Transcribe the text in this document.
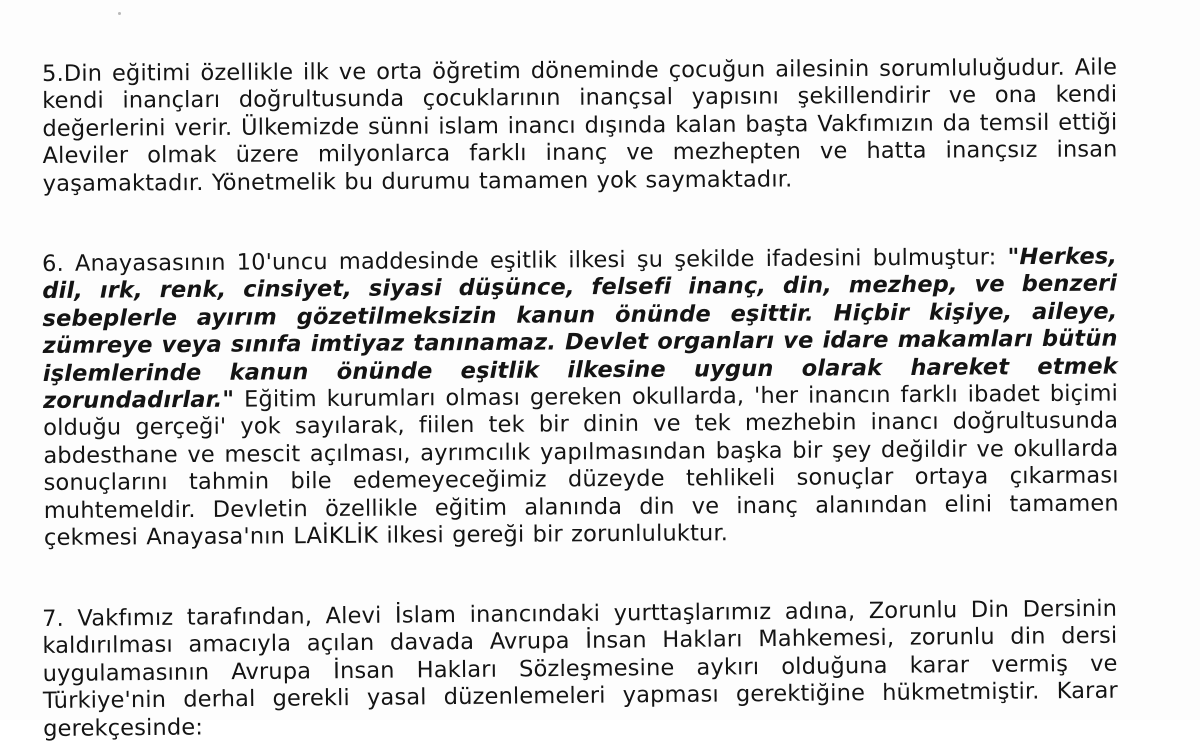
5.Din eğitimi özellikle ilk ve orta öğretim döneminde çocuğun ailesinin sorumluluğudur. Aile kendi inançları doğrultusunda çocuklarının inançsal yapısını şekillendirir ve ona kendi değerlerini verir. Ülkemizde sünni islam inancı dışında kalan başta Vakfımızın da temsil ettiği Aleviler olmak üzere milyonlarca farklı inanç ve mezhepten ve hatta inançsız insan yaşamaktadır. Yönetmelik bu durumu tamamen yok saymaktadır.

6. Anayasasının 10'uncu maddesinde eşitlik ilkesi şu şekilde ifadesini bulmuştur: "Herkes, dil, ırk, renk, cinsiyet, siyasi düşünce, felsefi inanç, din, mezhep, ve benzeri sebeplerle ayırım gözetilmeksizin kanun önünde eşittir. Hiçbir kişiye, aileye, zümreye veya sınıfa imtiyaz tanınamaz. Devlet organları ve idare makamları bütün işlemlerinde kanun önünde eşitlik ilkesine uygun olarak hareket etmek zorundadırlar." Eğitim kurumları olması gereken okullarda, 'her inancın farklı ibadet biçimi olduğu gerçeği' yok sayılarak, fiilen tek bir dinin ve tek mezhebin inancı doğrultusunda abdesthane ve mescit açılması, ayrımcılık yapılmasından başka bir şey değildir ve okullarda sonuçlarını tahmin bile edemeyeceğimiz düzeyde tehlikeli sonuçlar ortaya çıkarması muhtemeldir. Devletin özellikle eğitim alanında din ve inanç alanından elini tamamen çekmesi Anayasa'nın LAİKLİK ilkesi gereği bir zorunluluktur.

7. Vakfımız tarafından, Alevi İslam inancındaki yurttaşlarımız adına, Zorunlu Din Dersinin kaldırılması amacıyla açılan davada Avrupa İnsan Hakları Mahkemesi, zorunlu din dersi uygulamasının Avrupa İnsan Hakları Sözleşmesine aykırı olduğuna karar vermiş ve Türkiye'nin derhal gerekli yasal düzenlemeleri yapması gerektiğine hükmetmiştir. Karar gerekçesinde:
